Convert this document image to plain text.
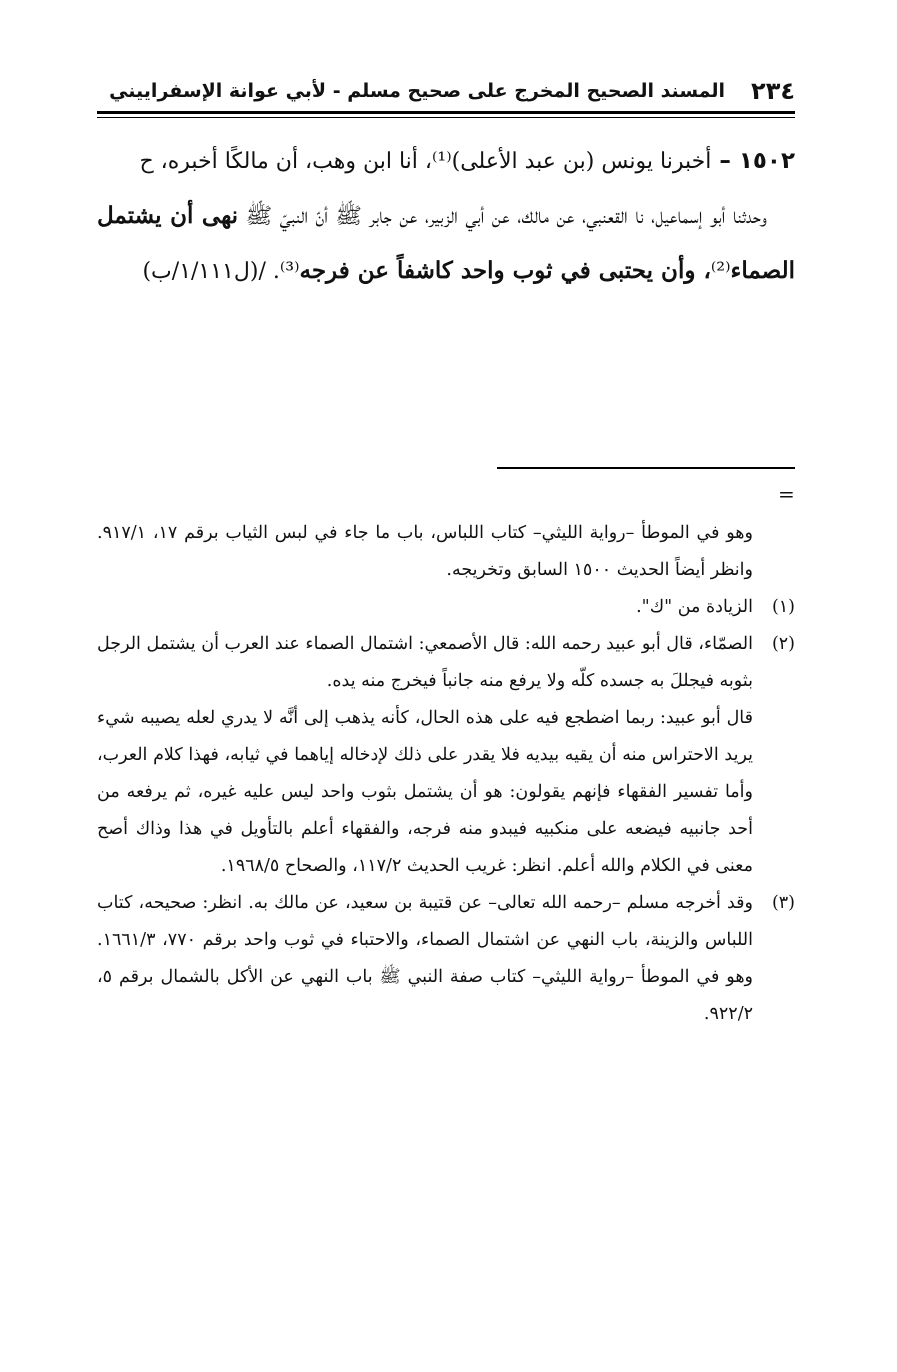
٢٣٤
المسند الصحيح المخرج على صحيح مسلم - لأبي عوانة الإسفراييني

١٥٠٢ – أخبرنا يونس (بن عبد الأعلى)⁽¹⁾، أنا ابن وهب، أن مالكًا أخبره، ح

وحدثنا أبو إسماعيل، نا القعنبي، عن مالك، عن أبي الزبير، عن جابر ﷺ أنّ النبيّ ﷺ نهى أن يشتمل الصماء⁽²⁾، وأن يحتبى في ثوب واحد كاشفاً عن فرجه⁽³⁾. /(ل١/١١١/ب)

=

وهو في الموطأ –رواية الليثي– كتاب اللباس، باب ما جاء في لبس الثياب برقم ١٧، ٩١٧/١. وانظر أيضاً الحديث ١٥٠٠ السابق وتخريجه.

(١)
الزيادة من "ك".
(٢)
الصمّاء، قال أبو عبيد رحمه الله: قال الأصمعي: اشتمال الصماء عند العرب أن يشتمل الرجل بثوبه فيجللَ به جسده كلّه ولا يرفع منه جانباً فيخرج منه يده.

قال أبو عبيد: ربما اضطجع فيه على هذه الحال، كأنه يذهب إلى أنَّه لا يدري لعله يصيبه شيء يريد الاحتراس منه أن يقيه بيديه فلا يقدر على ذلك لإدخاله إياهما في ثيابه، فهذا كلام العرب، وأما تفسير الفقهاء فإنهم يقولون: هو أن يشتمل بثوب واحد ليس عليه غيره، ثم يرفعه من أحد جانبيه فيضعه على منكبيه فيبدو منه فرجه، والفقهاء أعلم بالتأويل في هذا وذاك أصح معنى في الكلام والله أعلم. انظر: غريب الحديث ١١٧/٢، والصحاح ١٩٦٨/٥.

(٣)
وقد أخرجه مسلم –رحمه الله تعالى– عن قتيبة بن سعيد، عن مالك به. انظر: صحيحه، كتاب اللباس والزينة، باب النهي عن اشتمال الصماء، والاحتباء في ثوب واحد برقم ٧٧٠، ١٦٦١/٣. وهو في الموطأ –رواية الليثي– كتاب صفة النبي ﷺ باب النهي عن الأكل بالشمال برقم ٥، ٩٢٢/٢.
